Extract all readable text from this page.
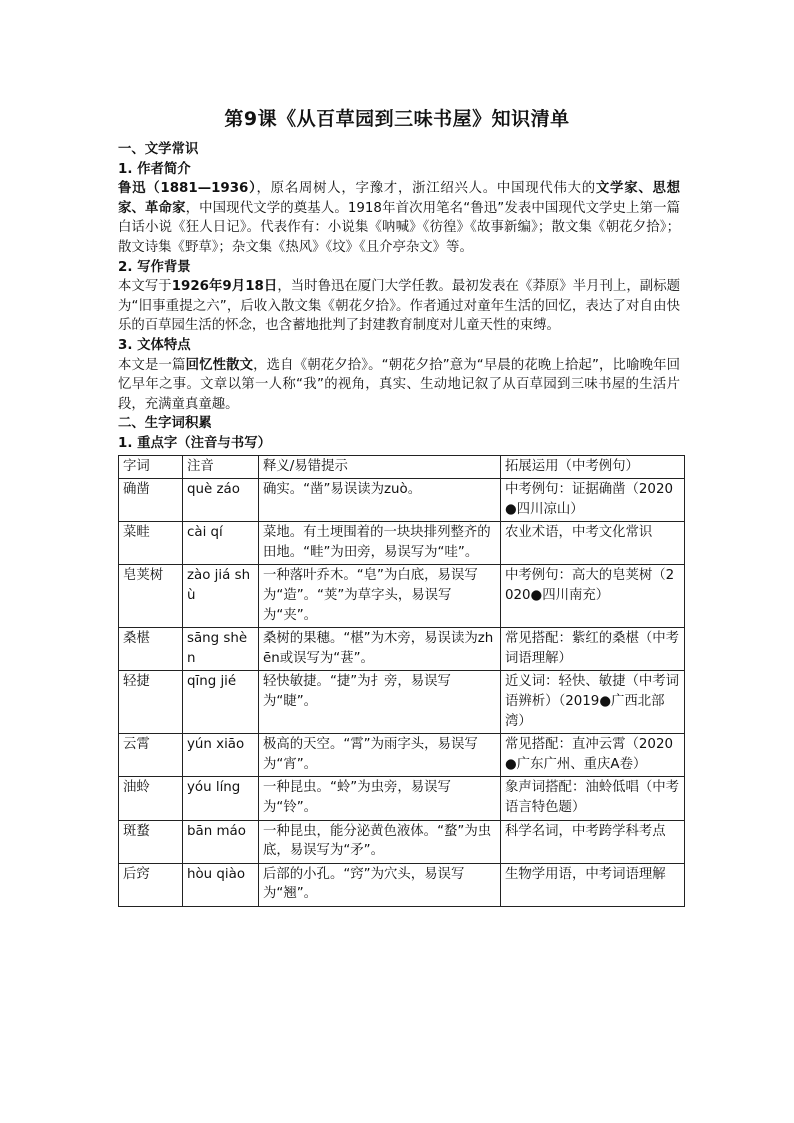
第9课《从百草园到三味书屋》知识清单

一、文学常识

1. 作者简介

鲁迅（1881—1936），原名周树人，字豫才，浙江绍兴人。中国现代伟大的文学家、思想家、革命家，中国现代文学的奠基人。1918年首次用笔名“鲁迅”发表中国现代文学史上第一篇白话小说《狂人日记》。代表作有：小说集《呐喊》《彷徨》《故事新编》；散文集《朝花夕拾》；散文诗集《野草》；杂文集《热风》《坟》《且介亭杂文》等。

2. 写作背景

本文写于1926年9月18日，当时鲁迅在厦门大学任教。最初发表在《莽原》半月刊上，副标题为“旧事重提之六”，后收入散文集《朝花夕拾》。作者通过对童年生活的回忆，表达了对自由快乐的百草园生活的怀念，也含蓄地批判了封建教育制度对儿童天性的束缚。

3. 文体特点

本文是一篇回忆性散文，选自《朝花夕拾》。“朝花夕拾”意为“早晨的花晚上拾起”，比喻晚年回忆早年之事。文章以第一人称“我”的视角，真实、生动地记叙了从百草园到三味书屋的生活片段，充满童真童趣。

二、生字词积累

1. 重点字（注音与书写）

字词	注音	释义/易错提示	拓展运用（中考例句）
确凿	què záo	确实。“凿”易误读为zuò。	中考例句：证据确凿（2020●四川凉山）
菜畦	cài qí	菜地。有土埂围着的一块块排列整齐的田地。“畦”为田旁，易误写为“哇”。	农业术语，中考文化常识
皂荚树	zào jiá shù	一种落叶乔木。“皂”为白底，易误写为“造”。“荚”为草字头，易误写为“夹”。	中考例句：高大的皂荚树（2020●四川南充）
桑椹	sāng shèn	桑树的果穗。“椹”为木旁，易误读为zhēn或误写为“葚”。	常见搭配：紫红的桑椹（中考词语理解）
轻捷	qīng jié	轻快敏捷。“捷”为扌旁，易误写为“睫”。	近义词：轻快、敏捷（中考词语辨析）（2019●广西北部湾）
云霄	yún xiāo	极高的天空。“霄”为雨字头，易误写为“宵”。	常见搭配：直冲云霄（2020●广东广州、重庆A卷）
油蛉	yóu líng	一种昆虫。“蛉”为虫旁，易误写为“铃”。	象声词搭配：油蛉低唱（中考语言特色题）
斑蝥	bān máo	一种昆虫，能分泌黄色液体。“蝥”为虫底，易误写为“矛”。	科学名词，中考跨学科考点
后窍	hòu qiào	后部的小孔。“窍”为穴头，易误写为“翘”。	生物学用语，中考词语理解
